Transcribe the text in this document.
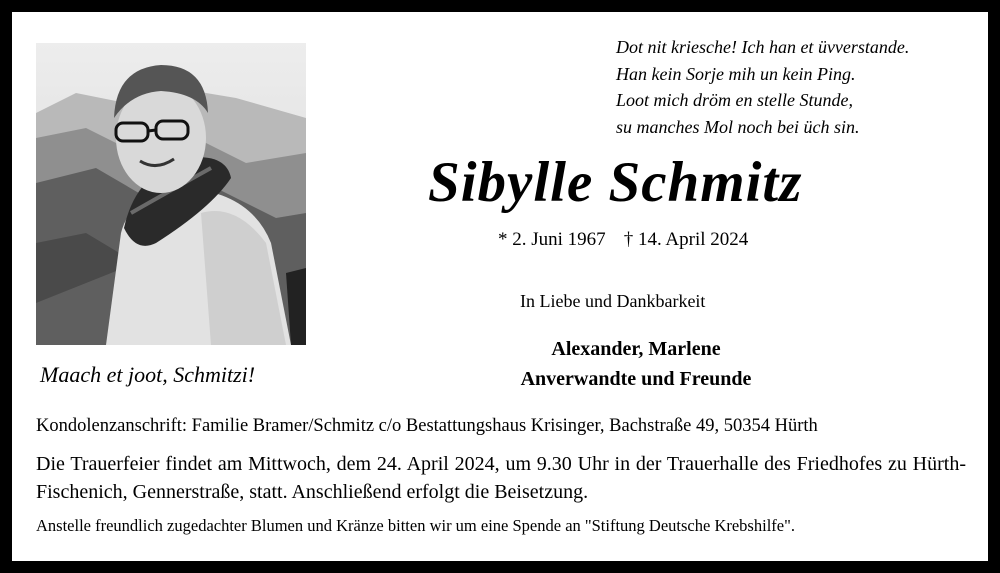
Maach et joot, Schmitzi!
Dot nit kriesche! Ich han et üvverstande.
Han kein Sorje mih un kein Ping.
Loot mich dröm en stelle Stunde,
su manches Mol noch bei üch sin.
Sibylle Schmitz
* 2. Juni 1967 † 14. April 2024
In Liebe und Dankbarkeit
Alexander, Marlene
Anverwandte und Freunde
Kondolenzanschrift: Familie Bramer/Schmitz c/o Bestattungshaus Krisinger, Bachstraße 49, 50354 Hürth
Die Trauerfeier findet am Mittwoch, dem 24. April 2024, um 9.30 Uhr in der Trauerhalle des Friedhofes zu Hürth-Fischenich, Gennerstraße, statt. Anschließend erfolgt die Beisetzung.
Anstelle freundlich zugedachter Blumen und Kränze bitten wir um eine Spende an "Stiftung Deutsche Krebshilfe".
